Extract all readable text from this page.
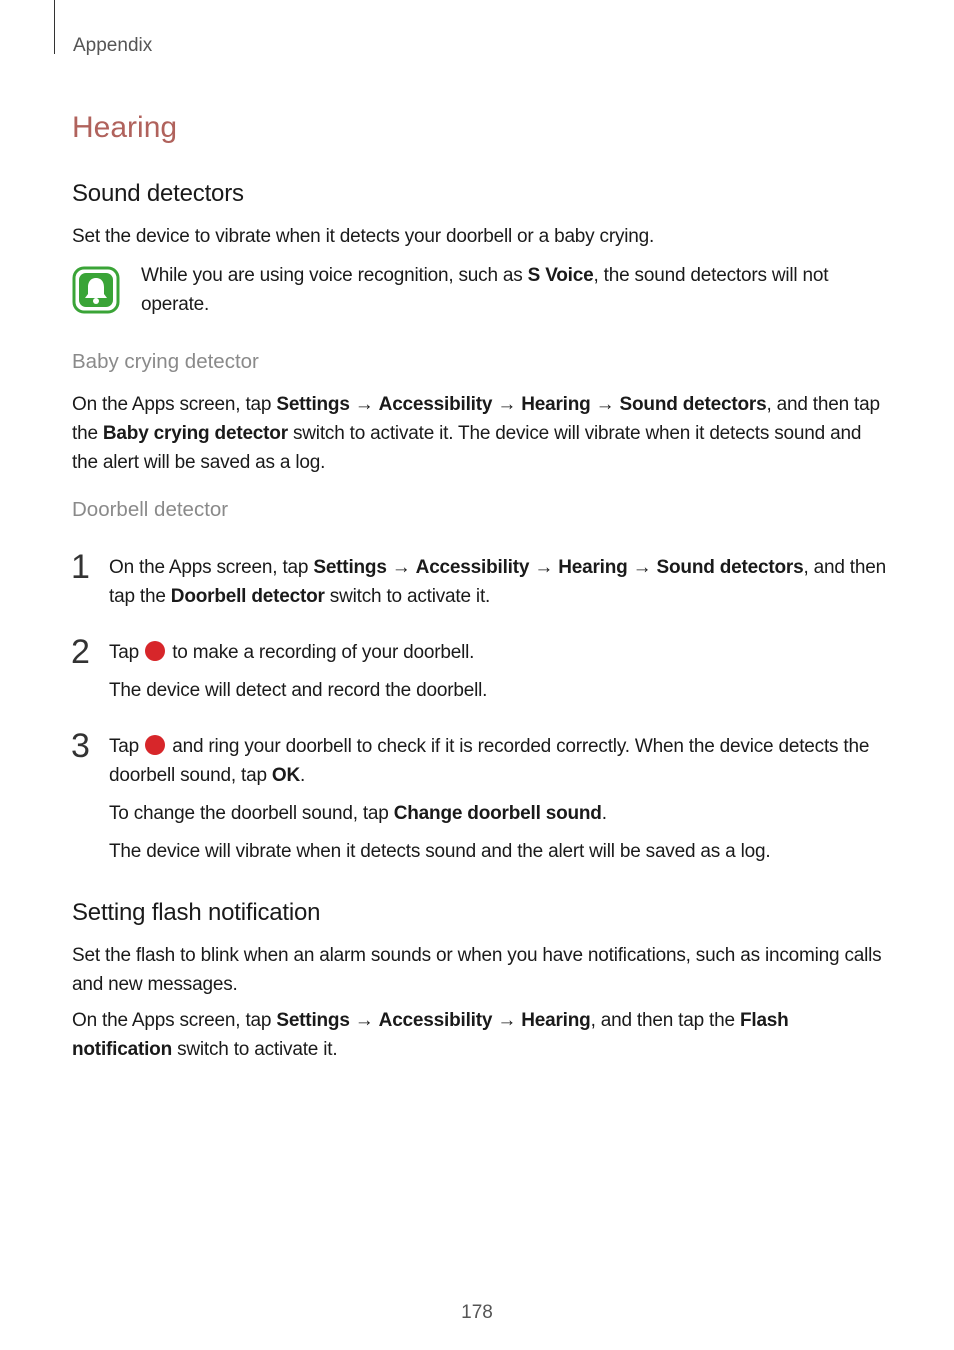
Appendix
Hearing
Sound detectors

Set the device to vibrate when it detects your doorbell or a baby crying.

While you are using voice recognition, such as S Voice, the sound detectors will not operate.

Baby crying detector

On the Apps screen, tap Settings → Accessibility → Hearing → Sound detectors, and then tap the Baby crying detector switch to activate it. The device will vibrate when it detects sound and the alert will be saved as a log.

Doorbell detector
1 On the Apps screen, tap Settings → Accessibility → Hearing → Sound detectors, and then tap the Doorbell detector switch to activate it.

2 Tap  to make a recording of your doorbell.

The device will detect and record the doorbell.

3 Tap  and ring your doorbell to check if it is recorded correctly. When the device detects the doorbell sound, tap OK.

To change the doorbell sound, tap Change doorbell sound.

The device will vibrate when it detects sound and the alert will be saved as a log.

Setting flash notification

Set the flash to blink when an alarm sounds or when you have notifications, such as incoming calls and new messages.

On the Apps screen, tap Settings → Accessibility → Hearing, and then tap the Flash notification switch to activate it.

178
